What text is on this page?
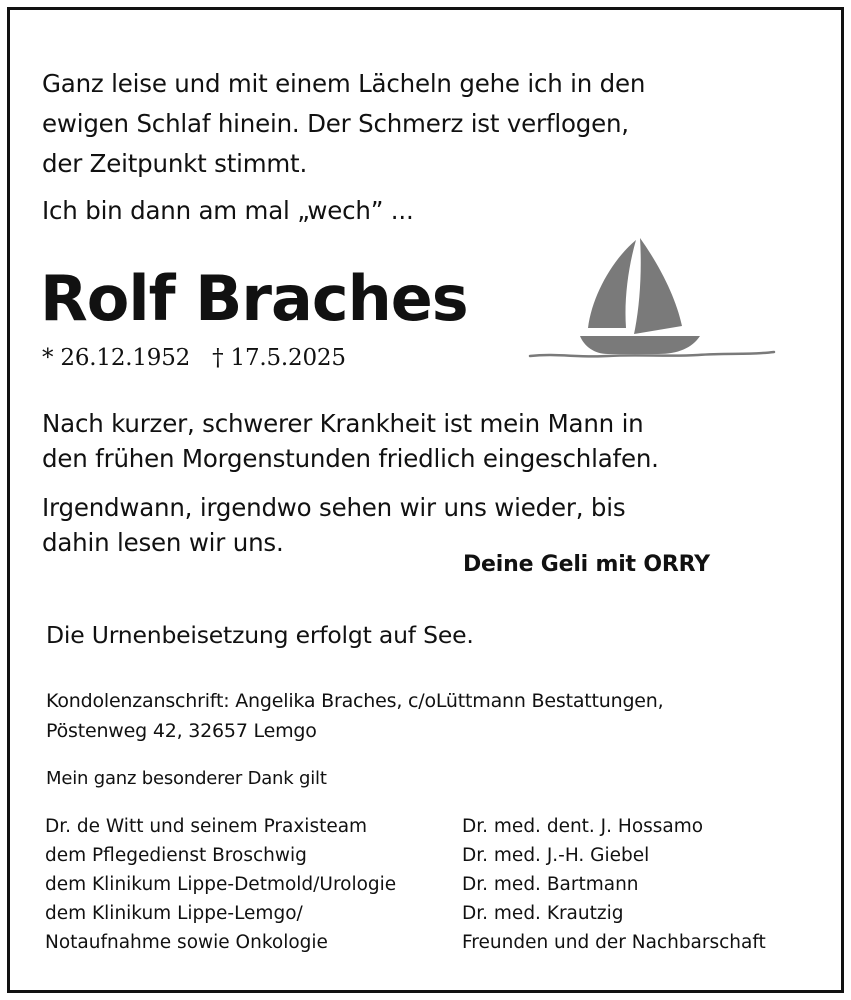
Ganz leise und mit einem Lächeln gehe ich in den
ewigen Schlaf hinein. Der Schmerz ist verflogen,
der Zeitpunkt stimmt.
Ich bin dann am mal „wech” ...
Rolf Braches
* 26.12.1952 † 17.5.2025
Nach kurzer, schwerer Krankheit ist mein Mann in
den frühen Morgenstunden friedlich eingeschlafen.
Irgendwann, irgendwo sehen wir uns wieder, bis
dahin lesen wir uns.
Deine Geli mit ORRY
Die Urnenbeisetzung erfolgt auf See.
Kondolenzanschrift: Angelika Braches, c/oLüttmann Bestattungen,
Pöstenweg 42, 32657 Lemgo
Mein ganz besonderer Dank gilt
Dr. de Witt und seinem Praxisteam
dem Pflegedienst Broschwig
dem Klinikum Lippe-Detmold/Urologie
dem Klinikum Lippe-Lemgo/
Notaufnahme sowie Onkologie
Dr. med. dent. J. Hossamo
Dr. med. J.-H. Giebel
Dr. med. Bartmann
Dr. med. Krautzig
Freunden und der Nachbarschaft
